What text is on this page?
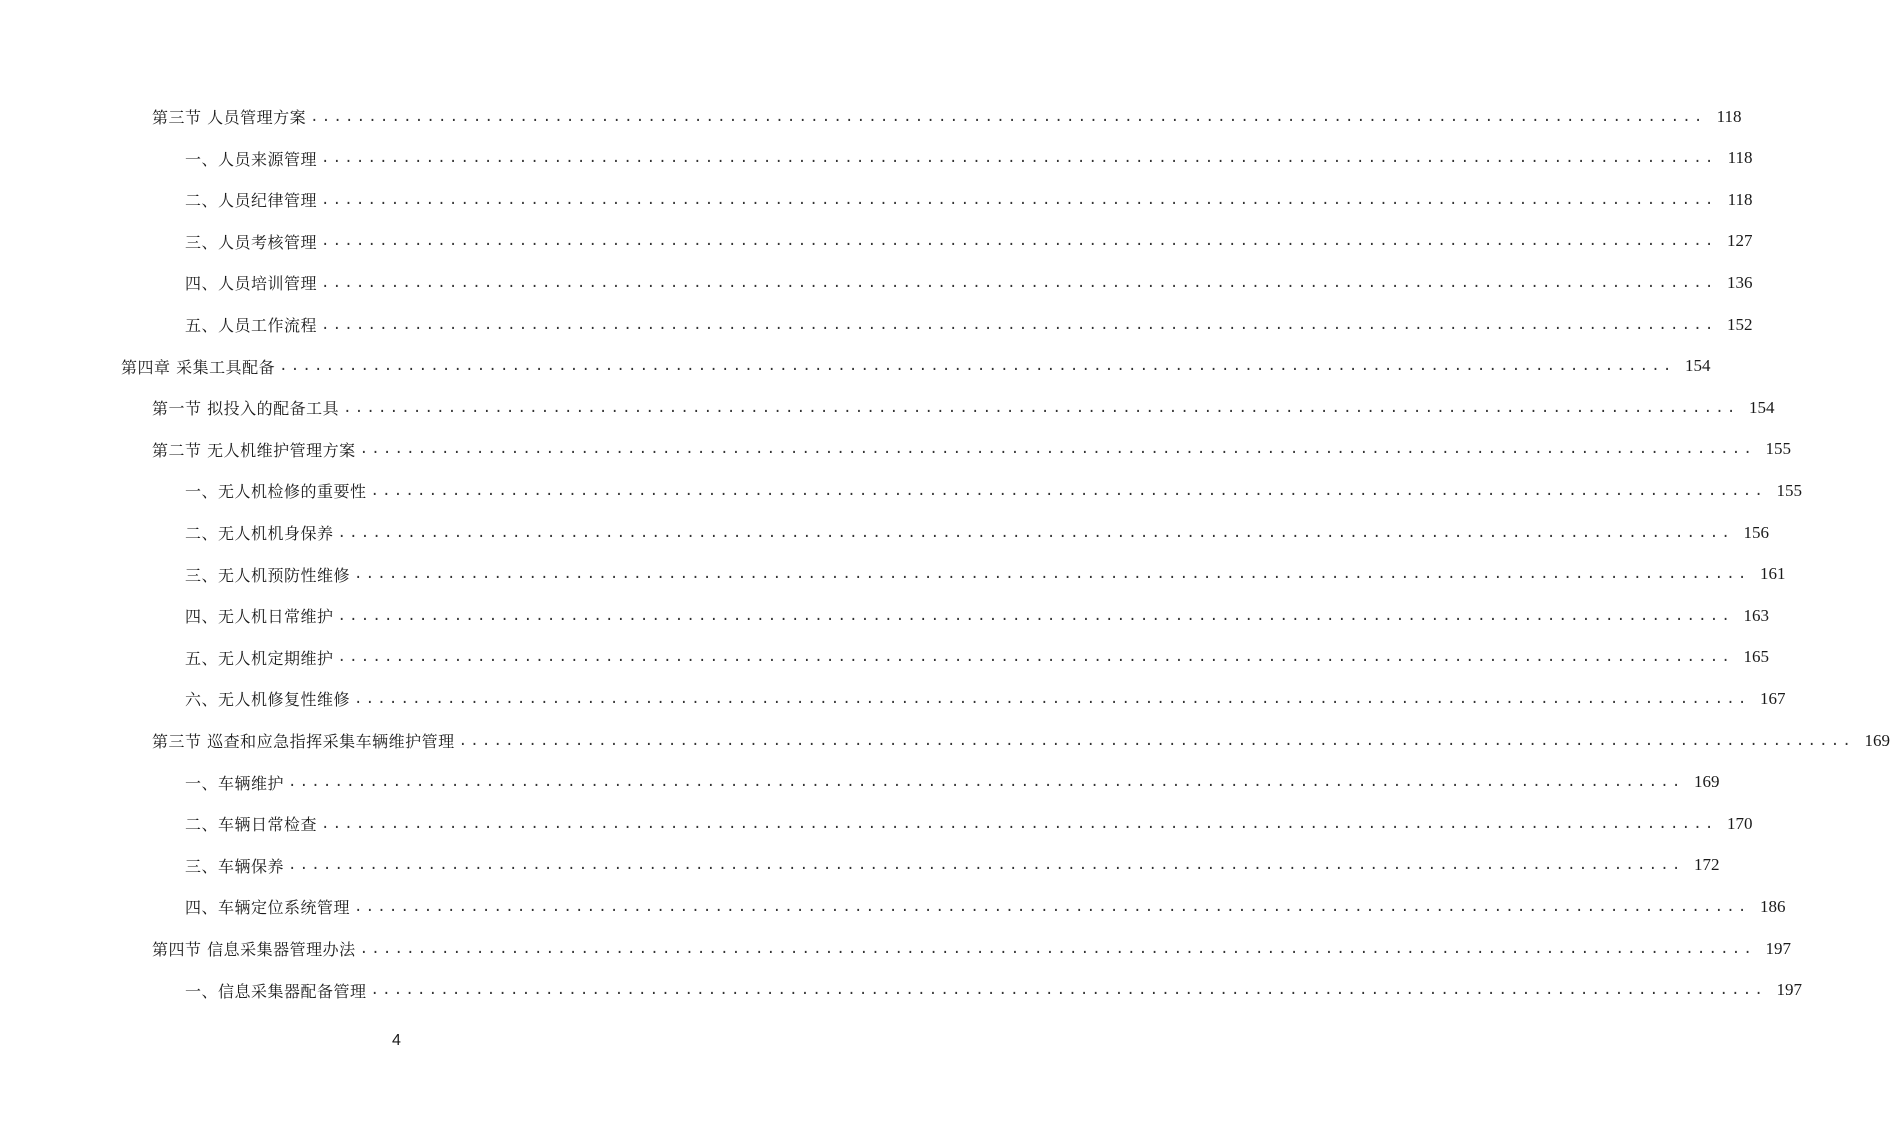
第三节 人员管理方案 ........................................................................................................................ 118
一、人员来源管理 ........................................................................................................................ 118
二、人员纪律管理 ........................................................................................................................ 118
三、人员考核管理 ........................................................................................................................ 127
四、人员培训管理 ........................................................................................................................ 136
五、人员工作流程 ........................................................................................................................ 152
第四章 采集工具配备 ........................................................................................................................ 154
第一节 拟投入的配备工具 ........................................................................................................................ 154
第二节 无人机维护管理方案 ........................................................................................................................ 155
一、无人机检修的重要性 ........................................................................................................................ 155
二、无人机机身保养 ........................................................................................................................ 156
三、无人机预防性维修 ........................................................................................................................ 161
四、无人机日常维护 ........................................................................................................................ 163
五、无人机定期维护 ........................................................................................................................ 165
六、无人机修复性维修 ........................................................................................................................ 167
第三节 巡查和应急指挥采集车辆维护管理 ........................................................................................................................ 169
一、车辆维护 ........................................................................................................................ 169
二、车辆日常检查 ........................................................................................................................ 170
三、车辆保养 ........................................................................................................................ 172
四、车辆定位系统管理 ........................................................................................................................ 186
第四节 信息采集器管理办法 ........................................................................................................................ 197
一、信息采集器配备管理 ........................................................................................................................ 197
4
